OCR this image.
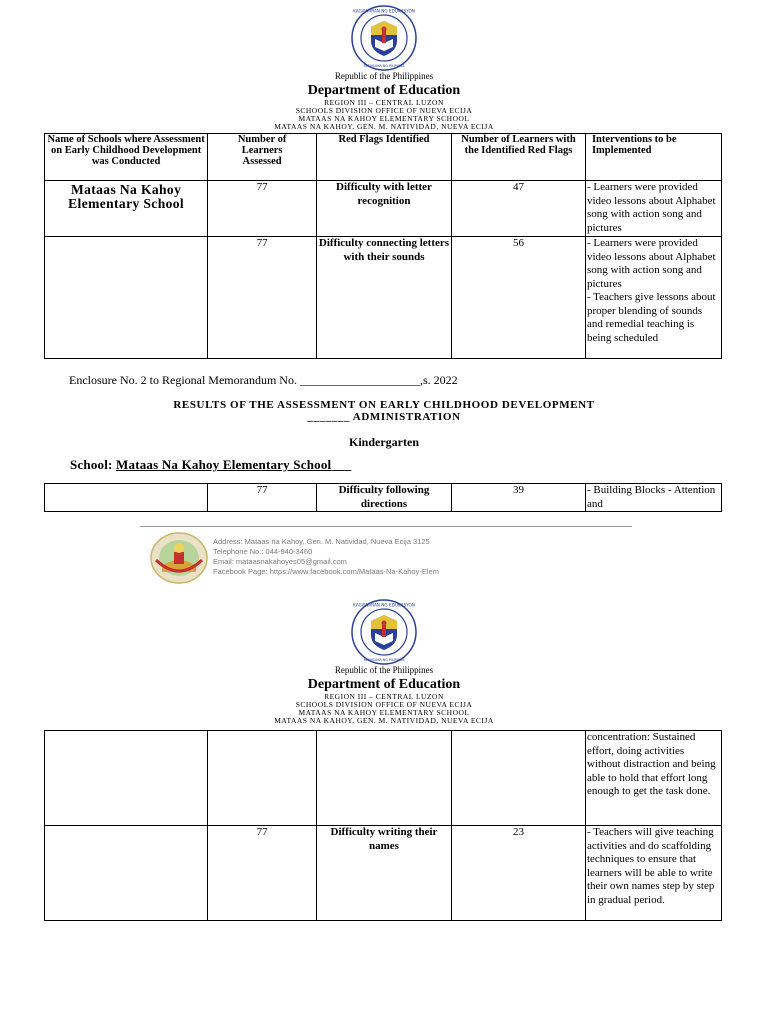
KAGAWARAN NG EDUKASYON
REPUBLIKA NG PILIPINAS
Republic of the Philippines
Department of Education
REGION III – CENTRAL LUZON
SCHOOLS DIVISION OFFICE OF NUEVA ECIJA
MATAAS NA KAHOY ELEMENTARY SCHOOL
MATAAS NA KAHOY, GEN. M. NATIVIDAD, NUEVA ECIJA
Name of Schools where Assessment on Early Childhood Development was Conducted	Number of Learners Assessed	Red Flags Identified	Number of Learners with the Identified Red Flags	Interventions to be Implemented
Mataas Na Kahoy Elementary School	77	Difficulty with letter recognition	47	- Learners were provided video lessons about Alphabet song with action song and pictures
	77	Difficulty connecting letters with their sounds	56	- Learners were provided video lessons about Alphabet song with action song and pictures
- Teachers give lessons about proper blending of sounds and remedial teaching is being scheduled
Enclosure No. 2 to Regional Memorandum No. ____________________,s. 2022
RESULTS OF THE ASSESSMENT ON EARLY CHILDHOOD DEVELOPMENT
_______ ADMINISTRATION
Kindergarten
School: Mataas Na Kahoy Elementary School___
	77	Difficulty following directions	39	- Building Blocks - Attention and
Address: Mataas na Kahoy, Gen. M. Natividad, Nueva Ecija 3125
Telephone No.: 044-940-3460
Email: mataasnakahoyes05@gmail.com
Facebook Page: https://www.facebook.com/Mataas-Na-Kahoy-Elem
KAGAWARAN NG EDUKASYON
REPUBLIKA NG PILIPINAS
Republic of the Philippines
Department of Education
REGION III – CENTRAL LUZON
SCHOOLS DIVISION OFFICE OF NUEVA ECIJA
MATAAS NA KAHOY ELEMENTARY SCHOOL
MATAAS NA KAHOY, GEN. M. NATIVIDAD, NUEVA ECIJA
				concentration: Sustained effort, doing activities without distraction and being able to hold that effort long enough to get the task done.
	77	Difficulty writing their names	23	- Teachers will give teaching activities and do scaffolding techniques to ensure that learners will be able to write their own names step by step in gradual period.
